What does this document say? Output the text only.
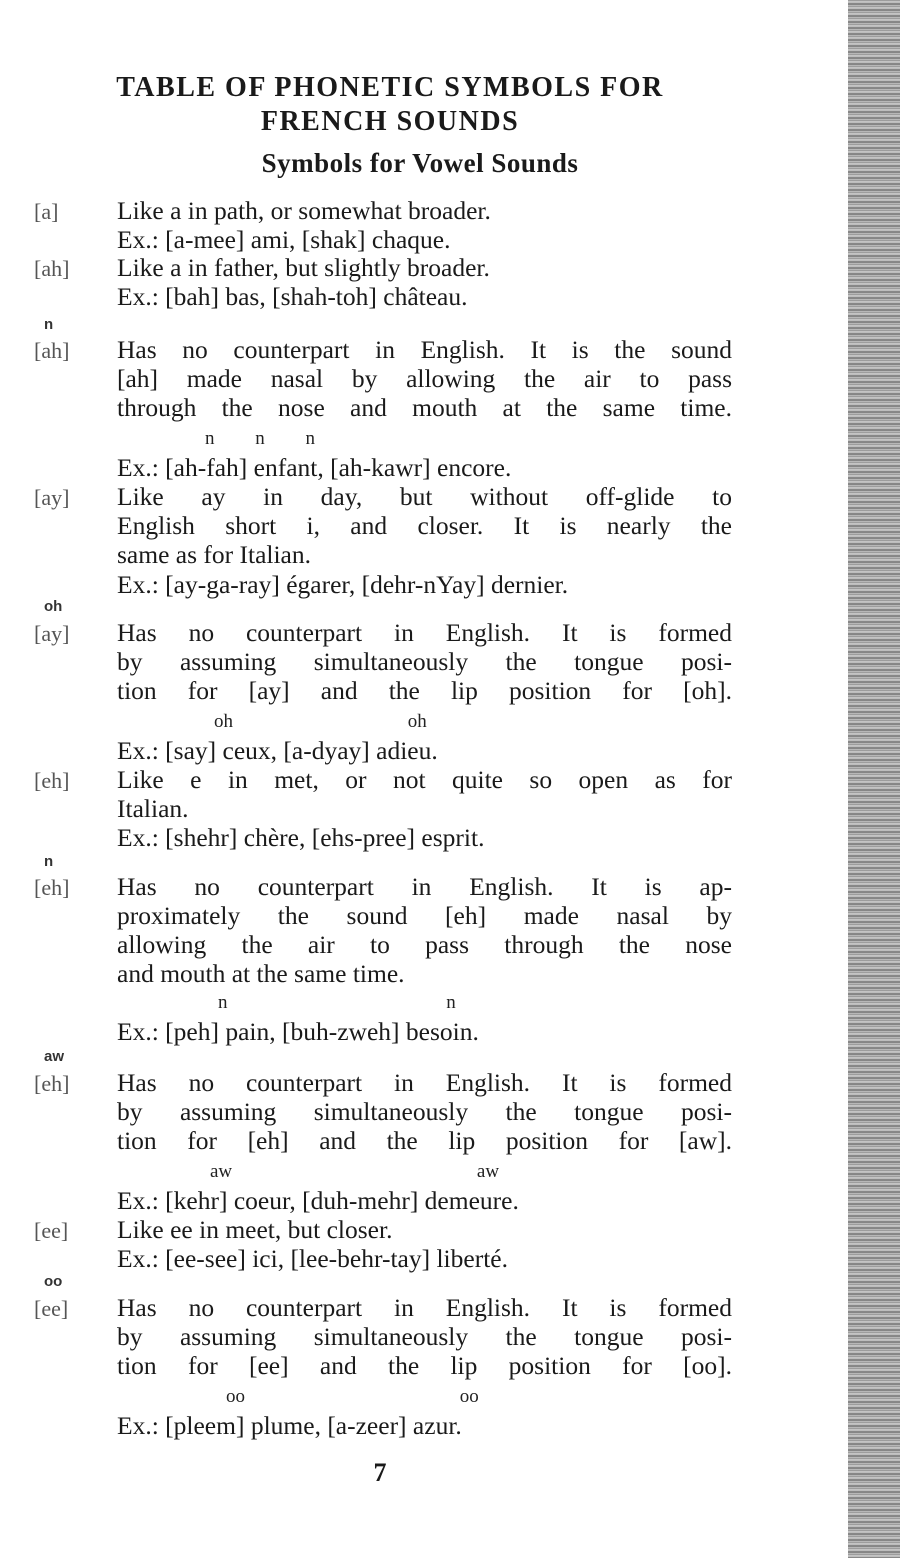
TABLE OF PHONETIC SYMBOLS FOR
FRENCH SOUNDS
Symbols for Vowel Sounds
[a] Like a in path, or somewhat broader.

Ex.: [a-mee] ami, [shak] chaque.

[ah] Like a in father, but slightly broader.

Ex.: [bah] bas, [shah-toh] château.

n
[ah] Has no counterpart in English. It is the sound

[ah] made nasal by allowing the air to pass

through the nose and mouth at the same time.

n n n

Ex.: [ah-fah] enfant, [ah-kawr] encore.

[ay] Like ay in day, but without off-glide to

English short i, and closer. It is nearly the

same as for Italian.

Ex.: [ay-ga-ray] égarer, [dehr-nYay] dernier.

oh
[ay] Has no counterpart in English. It is formed

by assuming simultaneously the tongue posi-

tion for [ay] and the lip position for [oh].

oh oh

Ex.: [say] ceux, [a-dyay] adieu.

[eh] Like e in met, or not quite so open as for

Italian.

Ex.: [shehr] chère, [ehs-pree] esprit.

n
[eh] Has no counterpart in English. It is ap-

proximately the sound [eh] made nasal by

allowing the air to pass through the nose

and mouth at the same time.

n n

Ex.: [peh] pain, [buh-zweh] besoin.

aw
[eh] Has no counterpart in English. It is formed

by assuming simultaneously the tongue posi-

tion for [eh] and the lip position for [aw].

aw aw

Ex.: [kehr] coeur, [duh-mehr] demeure.

[ee] Like ee in meet, but closer.

Ex.: [ee-see] ici, [lee-behr-tay] liberté.

oo
[ee] Has no counterpart in English. It is formed

by assuming simultaneously the tongue posi-

tion for [ee] and the lip position for [oo].

oo oo

Ex.: [pleem] plume, [a-zeer] azur.

7
